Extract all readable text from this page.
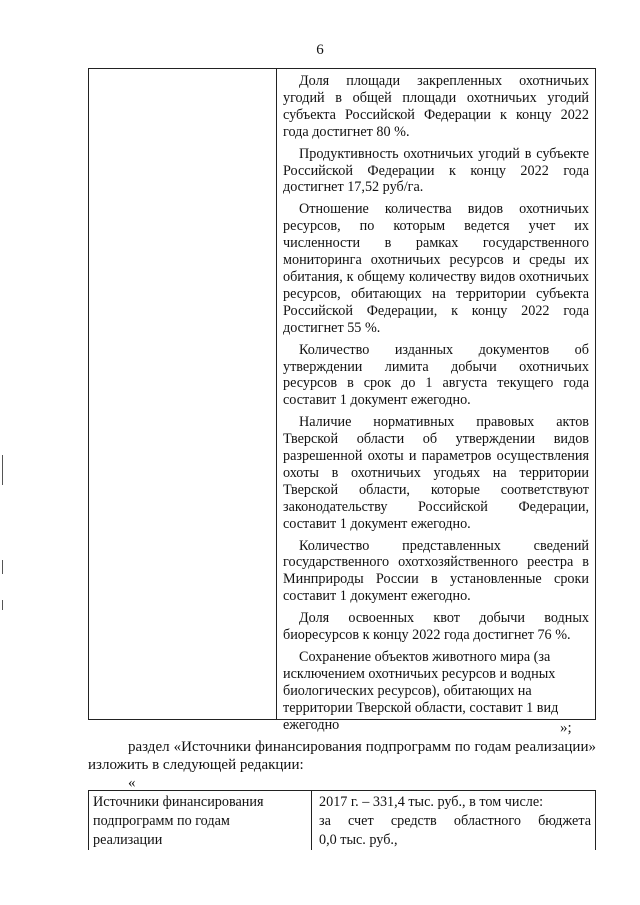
6

Доля площади закрепленных охотничьих угодий в общей площади охотничьих угодий субъекта Российской Федерации к концу 2022 года достигнет 80 %.

Продуктивность охотничьих угодий в субъекте Российской Федерации к концу 2022 года достигнет 17,52 руб/га.

Отношение количества видов охотничьих ресурсов, по которым ведется учет их численности в рамках государственного мониторинга охотничьих ресурсов и среды их обитания, к общему количеству видов охотничьих ресурсов, обитающих на территории субъекта Российской Федерации, к концу 2022 года достигнет 55 %.

Количество изданных документов об утверждении лимита добычи охотничьих ресурсов в срок до 1 августа текущего года составит 1 документ ежегодно.

Наличие нормативных правовых актов Тверской области об утверждении видов разрешенной охоты и параметров осуществления охоты в охотничьих угодьях на территории Тверской области, которые соответствуют законодательству Российской Федерации, составит 1 документ ежегодно.

Количество представленных сведений государственного охотхозяйственного реестра в Минприроды России в установленные сроки составит 1 документ ежегодно.

Доля освоенных квот добычи водных биоресурсов к концу 2022 года достигнет 76 %.

Сохранение объектов животного мира (за исключением охотничьих ресурсов и водных биологических ресурсов), обитающих на территории Тверской области, составит 1 вид ежегодно	»;

раздел «Источники финансирования подпрограмм по годам реализации» изложить в следующей редакции:

«
Источники финансирования
подпрограмм по годам
реализации
2017 г. – 331,4 тыс. руб., в том числе:
за счет средств областного бюджета
0,0 тыс. руб.,
